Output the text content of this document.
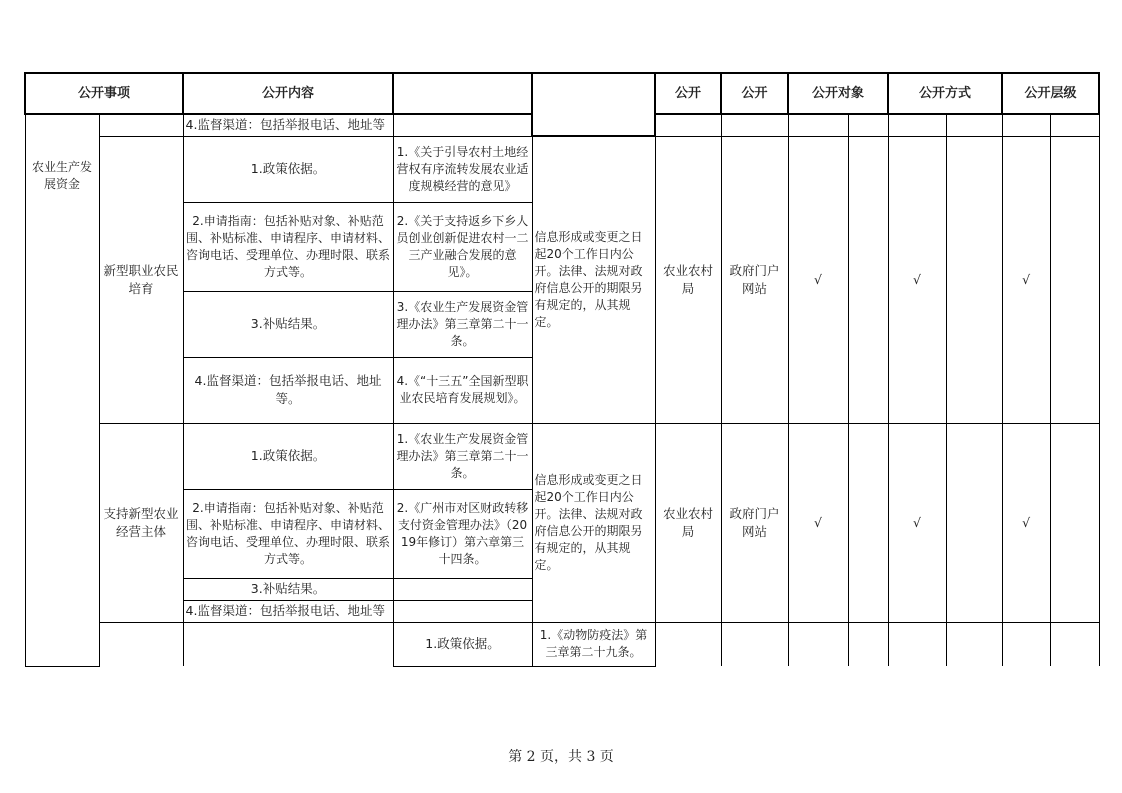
公开事项		公开内容			公开	公开	公开对象		公开方式		公开层级		
农业生产发展资金		4.监督渠道：包括举报电话、地址等											
	新型职业农民培育	1.政策依据。	1.《关于引导农村土地经营权有序流转发展农业适度规模经营的意见》	信息形成或变更之日起20个工作日内公开。法律、法规对政府信息公开的期限另有规定的，从其规定。	农业农村局	政府门户网站	√		√		√		
		2.申请指南：包括补贴对象、补贴范围、补贴标准、申请程序、申请材料、咨询电话、受理单位、办理时限、联系方式等。	2.《关于支持返乡下乡人员创业创新促进农村一二三产业融合发展的意见》。										
		3.补贴结果。	3.《农业生产发展资金管理办法》第三章第二十一条。										
		4.监督渠道：包括举报电话、地址等。	4.《“十三五”全国新型职业农民培育发展规划》。										
	支持新型农业经营主体	1.政策依据。	1.《农业生产发展资金管理办法》第三章第二十一条。	信息形成或变更之日起20个工作日内公开。法律、法规对政府信息公开的期限另有规定的，从其规定。	农业农村局	政府门户网站	√		√		√		
		2.申请指南：包括补贴对象、补贴范围、补贴标准、申请程序、申请材料、咨询电话、受理单位、办理时限、联系方式等。	2.《广州市对区财政转移支付资金管理办法》（2019年修订）第六章第三十四条。										
		3.补贴结果。											
		4.监督渠道：包括举报电话、地址等											
			1.政策依据。	1.《动物防疫法》第三章第二十九条。									
第 2 页，共 3 页
